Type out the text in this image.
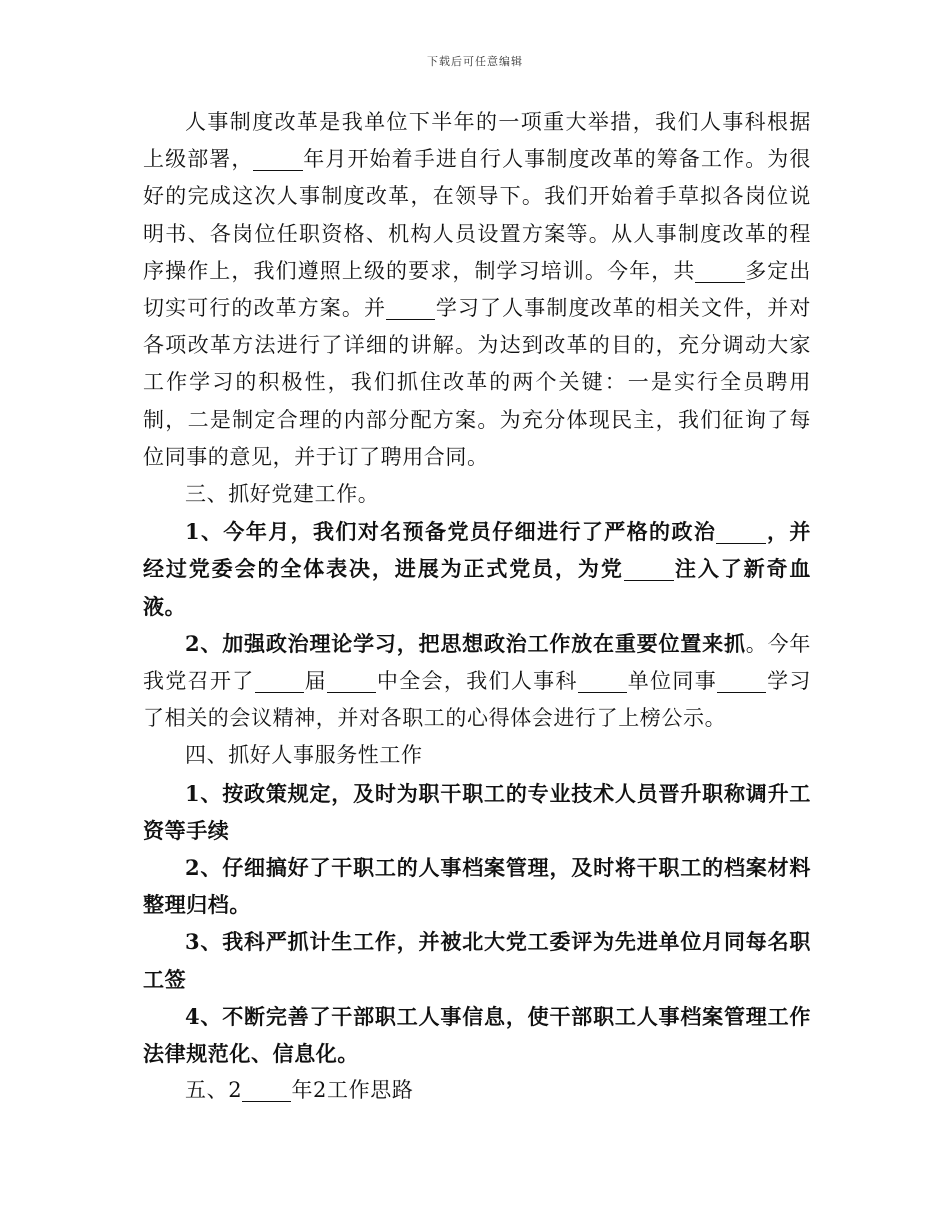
下载后可任意编辑

人事制度改革是我单位下半年的一项重大举措，我们人事科根据上级部署， 年月开始着手进自行人事制度改革的筹备工作。为很好的完成这次人事制度改革，在领导下。我们开始着手草拟各岗位说明书、各岗位任职资格、机构人员设置方案等。从人事制度改革的程序操作上，我们遵照上级的要求，制学习培训。今年，共 多定出切实可行的改革方案。并 学习了人事制度改革的相关文件，并对各项改革方法进行了详细的讲解。为达到改革的目的，充分调动大家工作学习的积极性，我们抓住改革的两个关键：一是实行全员聘用制，二是制定合理的内部分配方案。为充分体现民主，我们征询了每位同事的意见，并于订了聘用合同。

三、抓好党建工作。

1、今年月，我们对名预备党员仔细进行了严格的政治 ，并经过党委会的全体表决，进展为正式党员，为党 注入了新奇血液。

2、加强政治理论学习，把思想政治工作放在重要位置来抓。今年我党召开了 届 中全会，我们人事科 单位同事 学习了相关的会议精神，并对各职工的心得体会进行了上榜公示。

四、抓好人事服务性工作

1、按政策规定，及时为职干职工的专业技术人员晋升职称调升工资等手续

2、仔细搞好了干职工的人事档案管理，及时将干职工的档案材料整理归档。

3、我科严抓计生工作，并被北大党工委评为先进单位月同每名职工签

4、不断完善了干部职工人事信息，使干部职工人事档案管理工作法律规范化、信息化。

五、2 年2工作思路
